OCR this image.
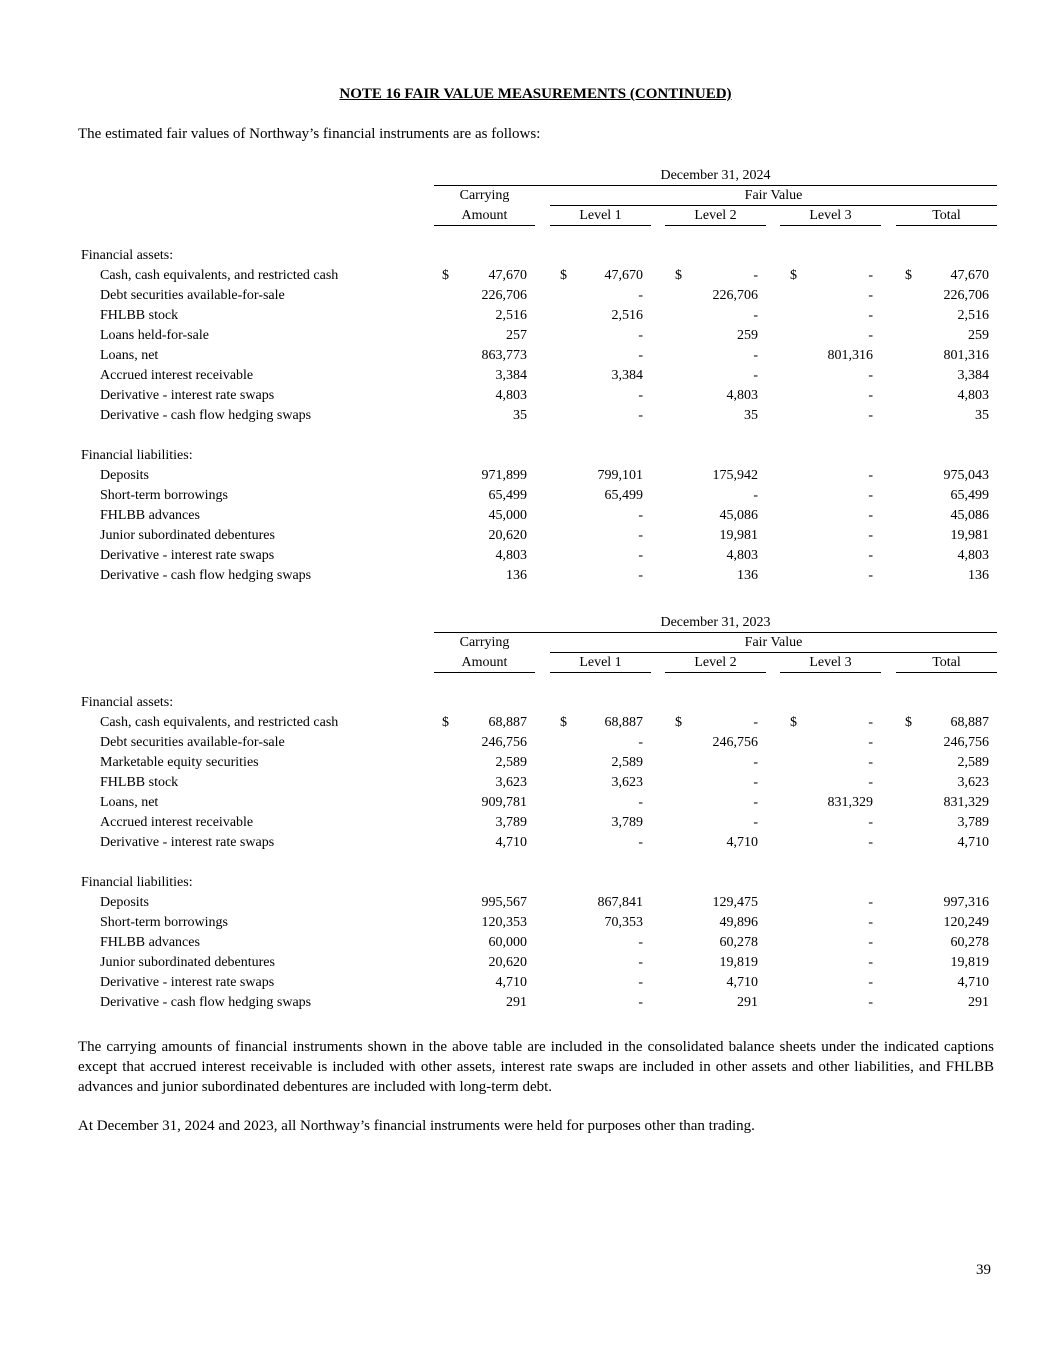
NOTE 16 FAIR VALUE MEASUREMENTS (CONTINUED)
The estimated fair values of Northway’s financial instruments are as follows:
December 31, 2024
Carrying	Fair Value
Amount	Level 1	Level 2	Level 3	Total
Financial assets:
Cash, cash equivalents, and restricted cash	$	47,670 $	47,670 $	- $	- $	47,670
Debt securities available-for-sale	226,706	-	226,706	-	226,706
FHLBB stock	2,516	2,516	-	-	2,516
Loans held-for-sale	257	-	259	-	259
Loans, net	863,773	-	-	801,316	801,316
Accrued interest receivable	3,384	3,384	-	-	3,384
Derivative - interest rate swaps	4,803	-	4,803	-	4,803
Derivative - cash flow hedging swaps	35	-	35	-	35
Financial liabilities:
Deposits	971,899	799,101	175,942	-	975,043
Short-term borrowings	65,499	65,499	-	-	65,499
FHLBB advances	45,000	-	45,086	-	45,086
Junior subordinated debentures	20,620	-	19,981	-	19,981
Derivative - interest rate swaps	4,803	-	4,803	-	4,803
Derivative - cash flow hedging swaps	136	-	136	-	136
December 31, 2023
Carrying	Fair Value
Amount	Level 1	Level 2	Level 3	Total
Financial assets:
Cash, cash equivalents, and restricted cash	$	68,887 $	68,887 $	- $	- $	68,887
Debt securities available-for-sale	246,756	-	246,756	-	246,756
Marketable equity securities	2,589	2,589	-	-	2,589
FHLBB stock	3,623	3,623	-	-	3,623
Loans, net	909,781	-	-	831,329	831,329
Accrued interest receivable	3,789	3,789	-	-	3,789
Derivative - interest rate swaps	4,710	-	4,710	-	4,710
Financial liabilities:
Deposits	995,567	867,841	129,475	-	997,316
Short-term borrowings	120,353	70,353	49,896	-	120,249
FHLBB advances	60,000	-	60,278	-	60,278
Junior subordinated debentures	20,620	-	19,819	-	19,819
Derivative - interest rate swaps	4,710	-	4,710	-	4,710
Derivative - cash flow hedging swaps	291	-	291	-	291
The carrying amounts of financial instruments shown in the above table are included in the consolidated balance sheets under the indicated captions except that accrued interest receivable is included with other assets, interest rate swaps are included in other assets and other liabilities, and FHLBB advances and junior subordinated debentures are included with long-term debt.
At December 31, 2024 and 2023, all Northway’s financial instruments were held for purposes other than trading.
39
